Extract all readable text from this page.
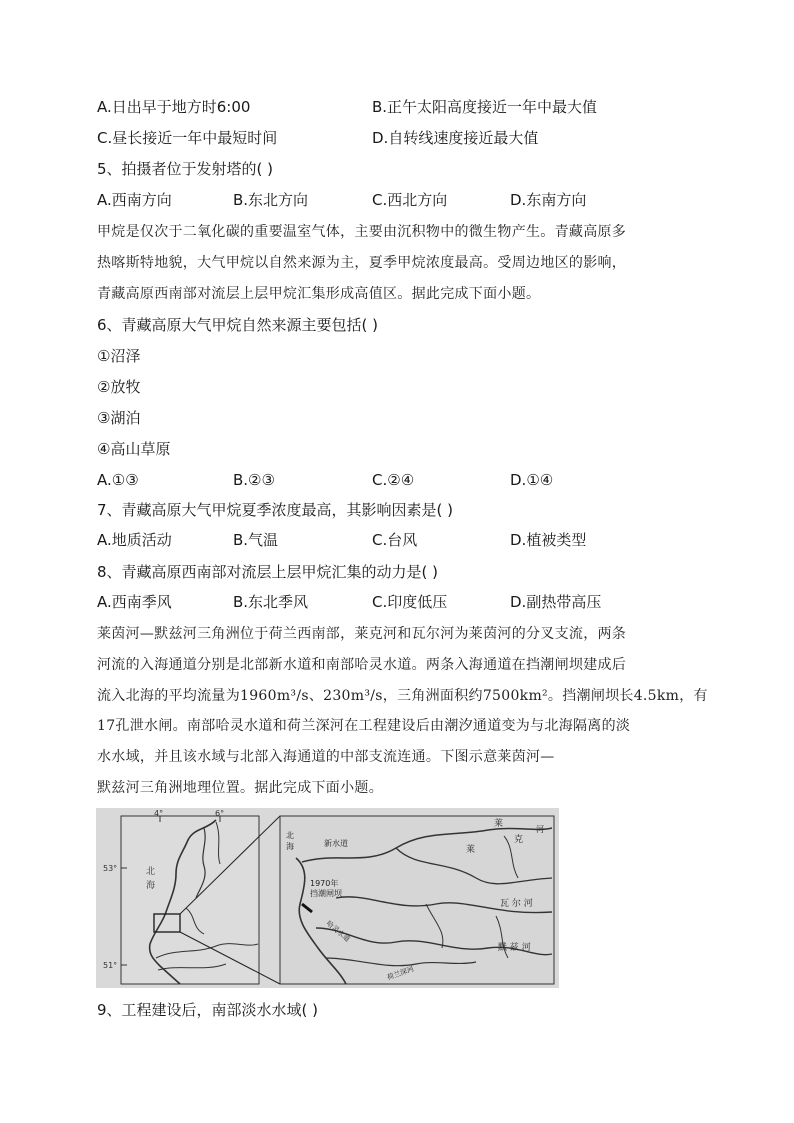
A.日出早于地方时6:00	B.正午太阳高度接近一年中最大值
C.昼长接近一年中最短时间	D.自转线速度接近最大值
5、拍摄者位于发射塔的( )
A.西南方向	B.东北方向	C.西北方向	D.东南方向
甲烷是仅次于二氧化碳的重要温室气体，主要由沉积物中的微生物产生。青藏高原多
热喀斯特地貌，大气甲烷以自然来源为主，夏季甲烷浓度最高。受周边地区的影响，
青藏高原西南部对流层上层甲烷汇集形成高值区。据此完成下面小题。
6、青藏高原大气甲烷自然来源主要包括( )
①沼泽
②放牧
③湖泊
④高山草原
A.①③	B.②③	C.②④	D.①④
7、青藏高原大气甲烷夏季浓度最高，其影响因素是( )
A.地质活动	B.气温	C.台风	D.植被类型
8、青藏高原西南部对流层上层甲烷汇集的动力是( )
A.西南季风	B.东北季风	C.印度低压	D.副热带高压
莱茵河—默兹河三角洲位于荷兰西南部，莱克河和瓦尔河为莱茵河的分叉支流，两条
河流的入海通道分别是北部新水道和南部哈灵水道。两条入海通道在挡潮闸坝建成后
流入北海的平均流量为1960m³/s、230m³/s，三角洲面积约7500km²。挡潮闸坝长4.5km，有
17孔泄水闸。南部哈灵水道和荷兰深河在工程建设后由潮汐通道变为与北海隔离的淡
水水域，并且该水域与北部入海通道的中部支流连通。下图示意莱茵河—
默兹河三角洲地理位置。据此完成下面小题。
4°	6°
53°
51°
北
海
北
海	新水道
1970年
挡潮闸坝
莱
克
河
莱
瓦 尔 河
默 兹 河
哈灵水道
荷兰深河
9、工程建设后，南部淡水水域( )
